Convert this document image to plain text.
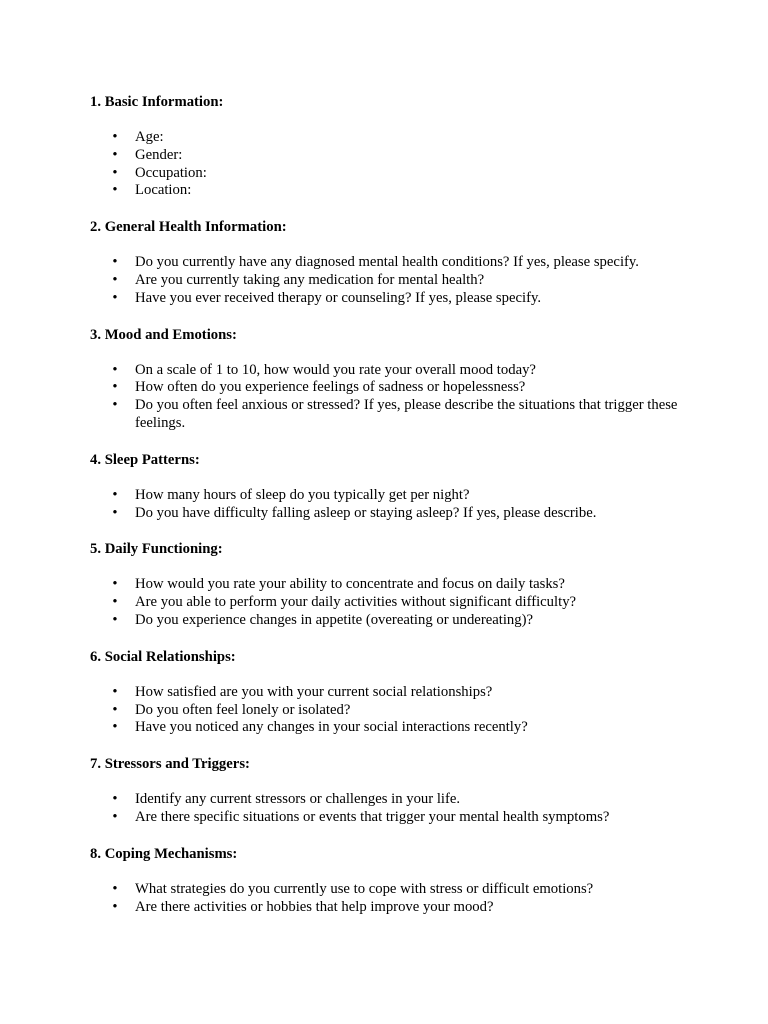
1. Basic Information:
• Age:
• Gender:
• Occupation:
• Location:
2. General Health Information:
• Do you currently have any diagnosed mental health conditions? If yes, please specify.
• Are you currently taking any medication for mental health?
• Have you ever received therapy or counseling? If yes, please specify.
3. Mood and Emotions:
• On a scale of 1 to 10, how would you rate your overall mood today?
• How often do you experience feelings of sadness or hopelessness?
• Do you often feel anxious or stressed? If yes, please describe the situations that trigger these feelings.
4. Sleep Patterns:
• How many hours of sleep do you typically get per night?
• Do you have difficulty falling asleep or staying asleep? If yes, please describe.
5. Daily Functioning:
• How would you rate your ability to concentrate and focus on daily tasks?
• Are you able to perform your daily activities without significant difficulty?
• Do you experience changes in appetite (overeating or undereating)?
6. Social Relationships:
• How satisfied are you with your current social relationships?
• Do you often feel lonely or isolated?
• Have you noticed any changes in your social interactions recently?
7. Stressors and Triggers:
• Identify any current stressors or challenges in your life.
• Are there specific situations or events that trigger your mental health symptoms?
8. Coping Mechanisms:
• What strategies do you currently use to cope with stress or difficult emotions?
• Are there activities or hobbies that help improve your mood?
